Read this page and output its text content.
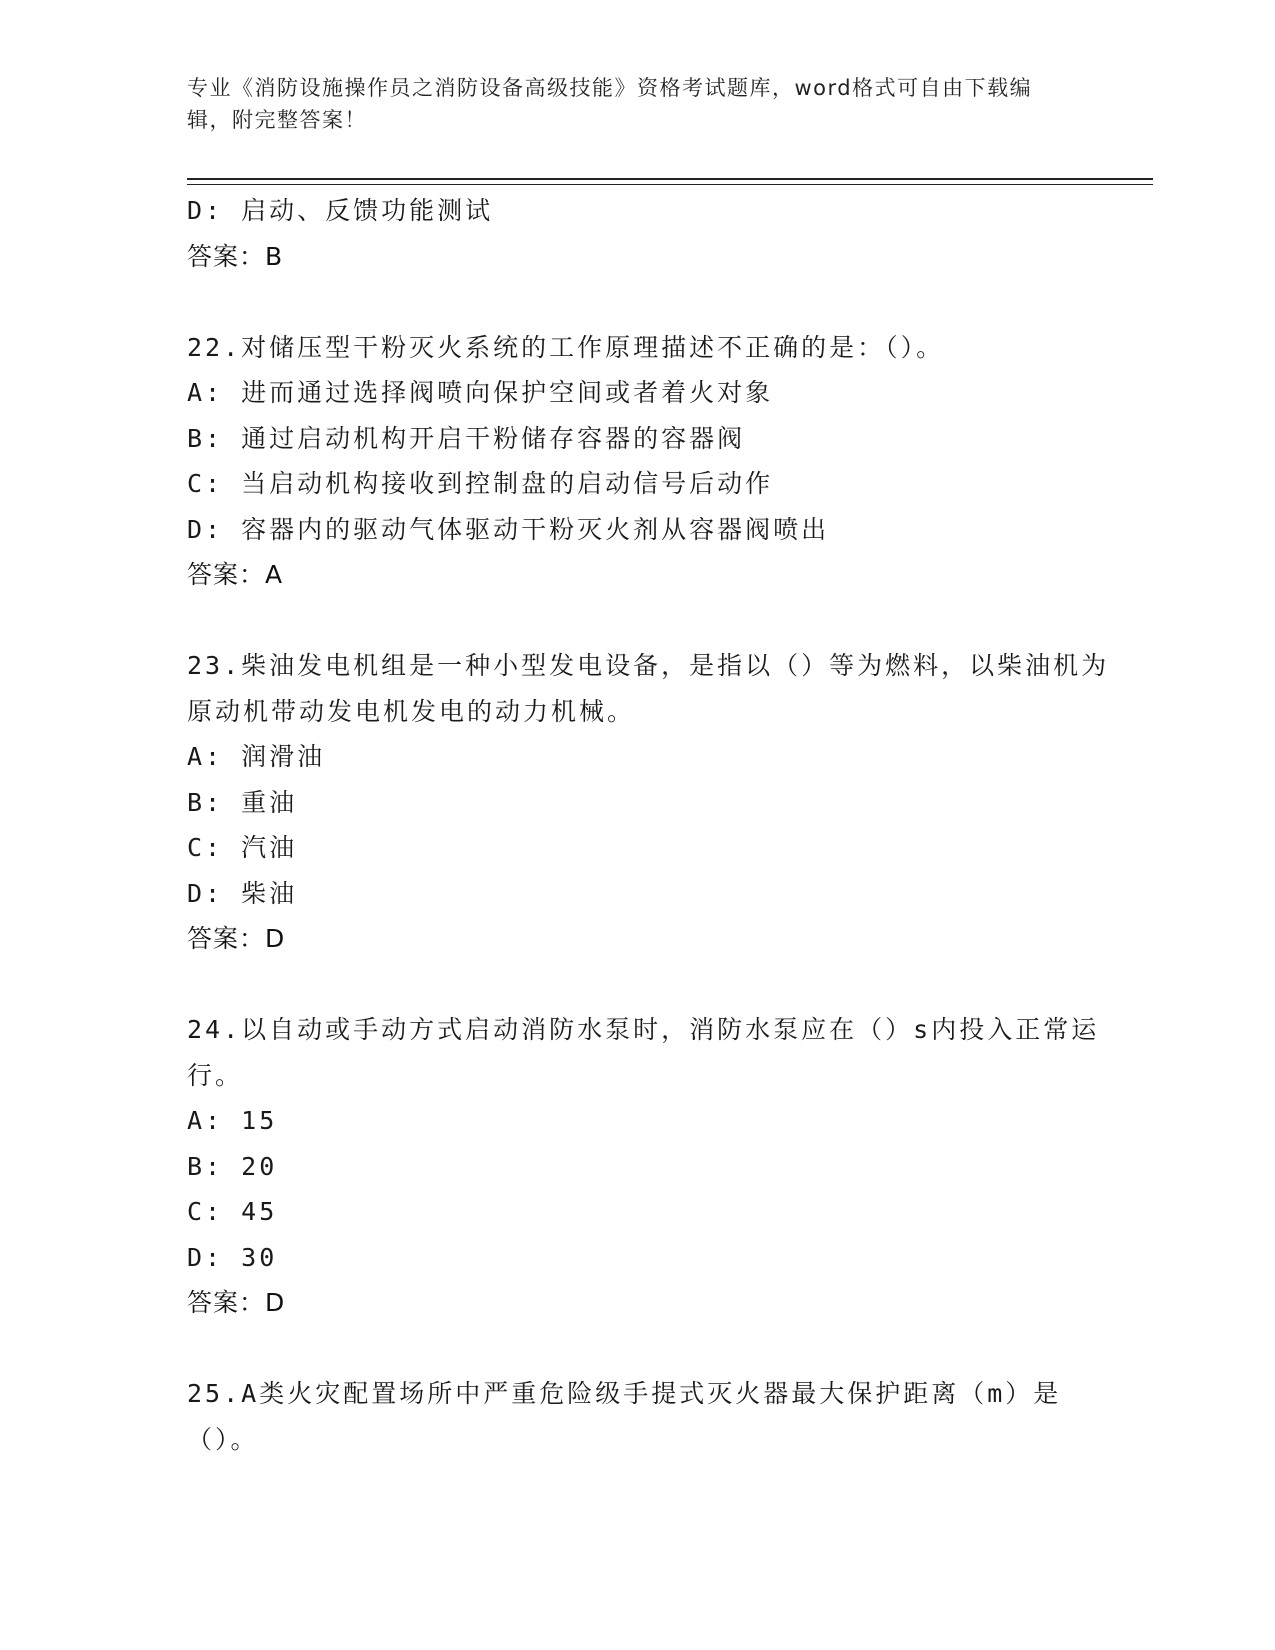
专业《消防设施操作员之消防设备高级技能》资格考试题库，word格式可自由下载编辑，附完整答案！
D: 启动、反馈功能测试
答案：B
22.对储压型干粉灭火系统的工作原理描述不正确的是：（）。
A: 进而通过选择阀喷向保护空间或者着火对象
B: 通过启动机构开启干粉储存容器的容器阀
C: 当启动机构接收到控制盘的启动信号后动作
D: 容器内的驱动气体驱动干粉灭火剂从容器阀喷出
答案：A
23.柴油发电机组是一种小型发电设备，是指以（）等为燃料，以柴油机为原动机带动发电机发电的动力机械。
A: 润滑油
B: 重油
C: 汽油
D: 柴油
答案：D
24.以自动或手动方式启动消防水泵时，消防水泵应在（）s内投入正常运行。
A: 15
B: 20
C: 45
D: 30
答案：D
25.A类火灾配置场所中严重危险级手提式灭火器最大保护距离（m）是（）。
